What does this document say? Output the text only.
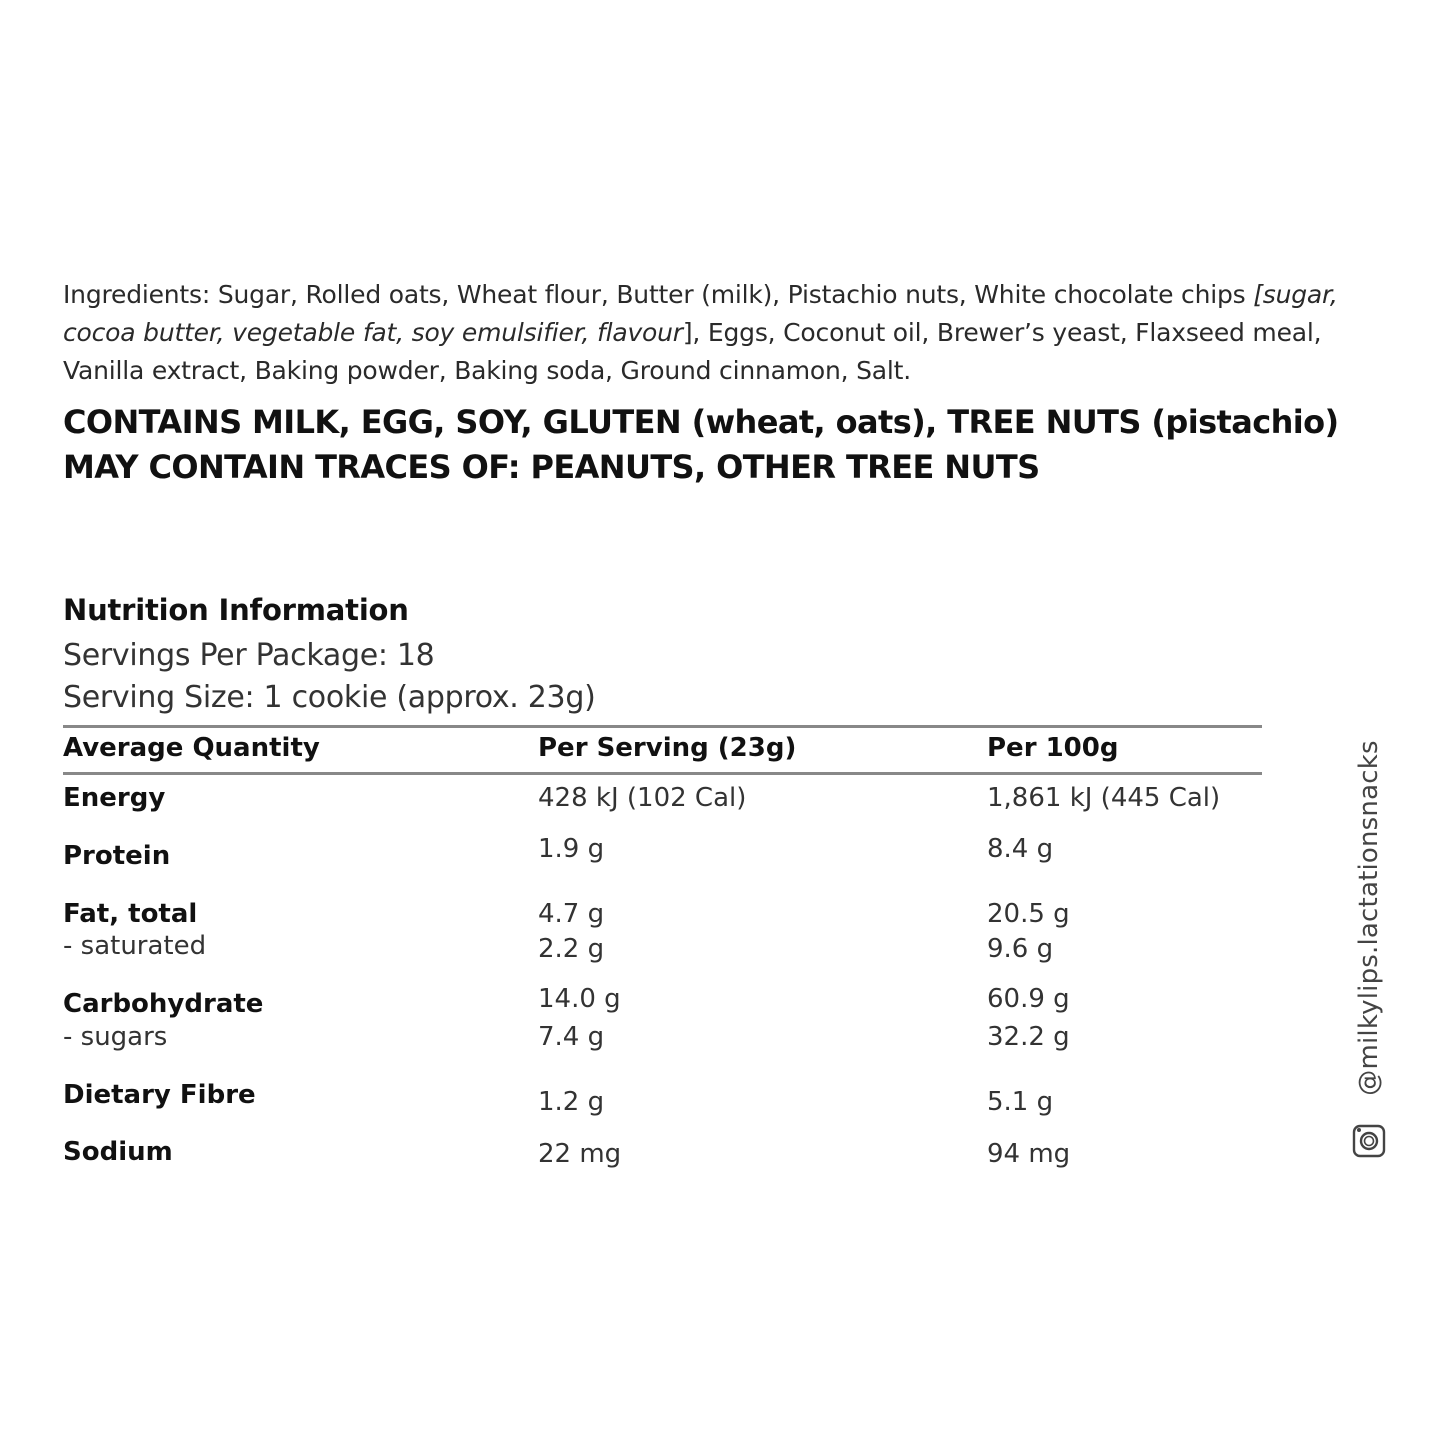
Ingredients: Sugar, Rolled oats, Wheat flour, Butter (milk), Pistachio nuts, White chocolate chips [sugar, cocoa butter, vegetable fat, soy emulsifier, flavour], Eggs, Coconut oil, Brewer’s yeast, Flaxseed meal, Vanilla extract, Baking powder, Baking soda, Ground cinnamon, Salt.
CONTAINS MILK, EGG, SOY, GLUTEN (wheat, oats), TREE NUTS (pistachio)
MAY CONTAIN TRACES OF: PEANUTS, OTHER TREE NUTS
Nutrition Information
Servings Per Package: 18
Serving Size: 1 cookie (approx. 23g)
Average Quantity	Per Serving (23g)	Per 100g
Energy	428 kJ (102 Cal)	1,861 kJ (445 Cal)
Protein	1.9 g	8.4 g
Fat, total	4.7 g	20.5 g
- saturated	2.2 g	9.6 g
Carbohydrate	14.0 g	60.9 g
- sugars	7.4 g	32.2 g
Dietary Fibre	1.2 g	5.1 g
Sodium	22 mg	94 mg
@milkylips.lactationsnacks
